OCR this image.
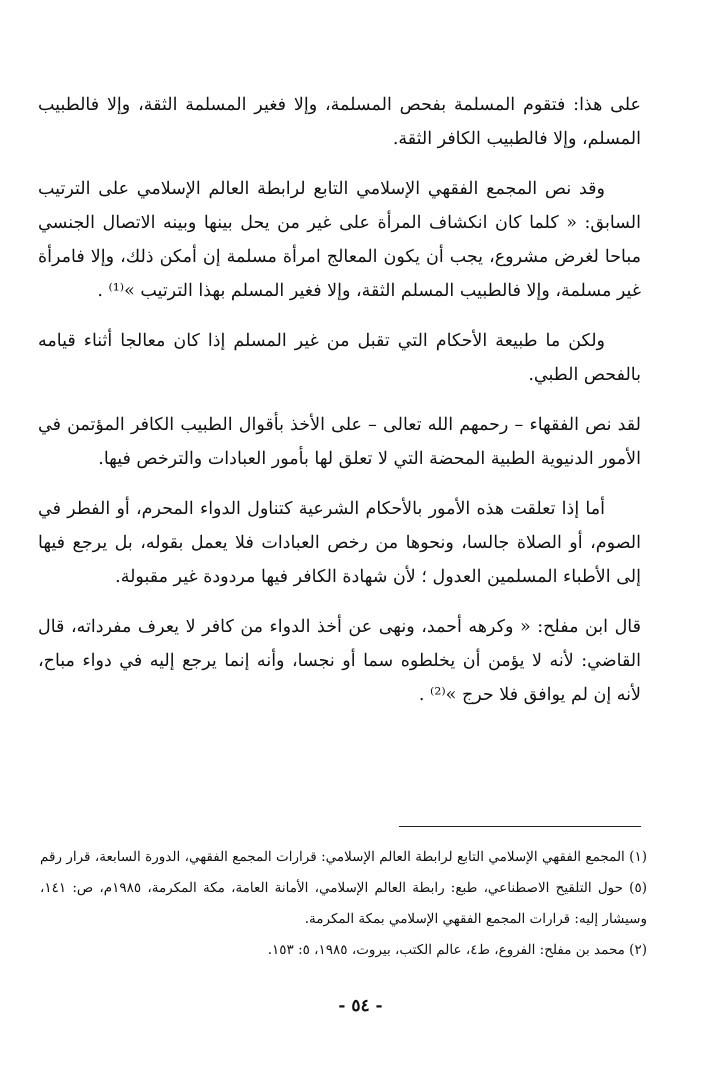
على هذا: فتقوم المسلمة بفحص المسلمة، وإلا فغير المسلمة الثقة، وإلا فالطبيب المسلم، وإلا فالطبيب الكافر الثقة.

وقد نص المجمع الفقهي الإسلامي التابع لرابطة العالم الإسلامي على الترتيب السابق: « كلما كان انكشاف المرأة على غير من يحل بينها وبينه الاتصال الجنسي مباحا لغرض مشروع، يجب أن يكون المعالج امرأة مسلمة إن أمكن ذلك، وإلا فامرأة غير مسلمة، وإلا فالطبيب المسلم الثقة، وإلا فغير المسلم بهذا الترتيب »⁽¹⁾ .

ولكن ما طبيعة الأحكام التي تقبل من غير المسلم إذا كان معالجا أثناء قيامه بالفحص الطبي.

لقد نص الفقهاء – رحمهم الله تعالى – على الأخذ بأقوال الطبيب الكافر المؤتمن في الأمور الدنيوية الطبية المحضة التي لا تعلق لها بأمور العبادات والترخص فيها.

أما إذا تعلقت هذه الأمور بالأحكام الشرعية كتناول الدواء المحرم، أو الفطر في الصوم، أو الصلاة جالسا، ونحوها من رخص العبادات فلا يعمل بقوله، بل يرجع فيها إلى الأطباء المسلمين العدول ؛ لأن شهادة الكافر فيها مردودة غير مقبولة.

قال ابن مفلح: « وكرهه أحمد، ونهى عن أخذ الدواء من كافر لا يعرف مفرداته، قال القاضي: لأنه لا يؤمن أن يخلطوه سما أو نجسا، وأنه إنما يرجع إليه في دواء مباح، لأنه إن لم يوافق فلا حرج »⁽²⁾ .

(١) المجمع الفقهي الإسلامي التابع لرابطة العالم الإسلامي: قرارات المجمع الفقهي، الدورة السابعة، قرار رقم (٥) حول التلقيح الاصطناعي، طبع: رابطة العالم الإسلامي، الأمانة العامة، مكة المكرمة، ١٩٨٥م، ص: ١٤١، وسيشار إليه: قرارات المجمع الفقهي الإسلامي بمكة المكرمة.

(٢) محمد بن مفلح: الفروع، ط٤، عالم الكتب، بيروت، ١٩٨٥، ٥: ١٥٣.

- ٥٤ -
